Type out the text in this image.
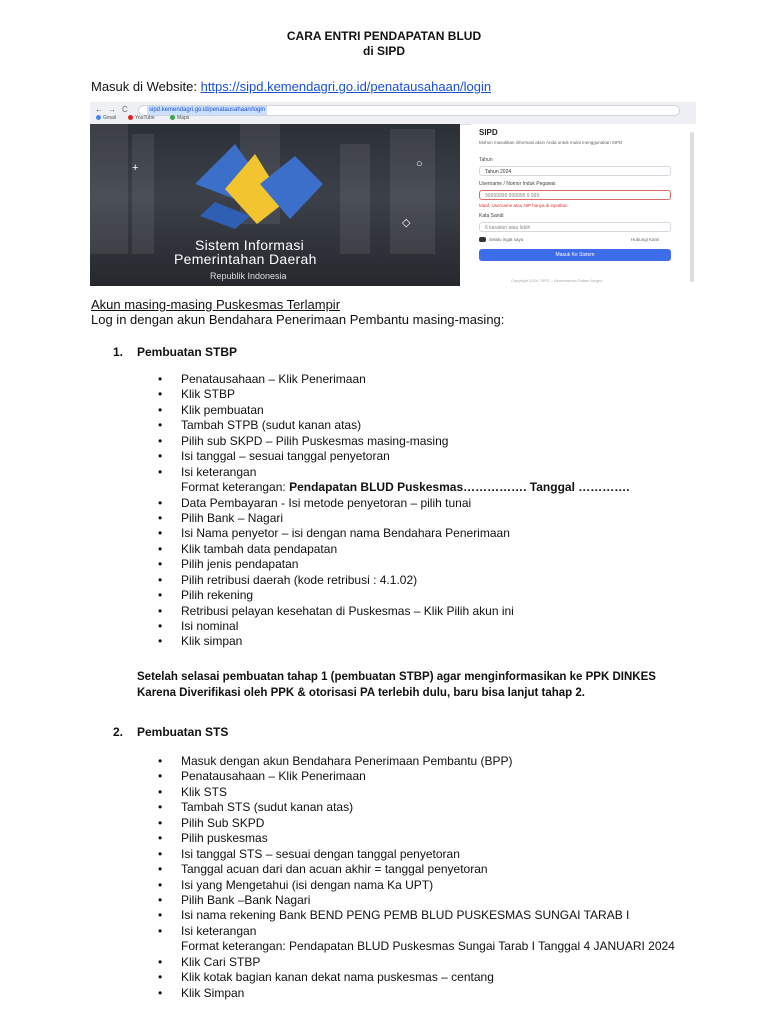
CARA ENTRI PENDAPATAN BLUD
di SIPD
Masuk di Website: https://sipd.kemendagri.go.id/penatausahaan/login
← → C	sipd.kemendagri.go.id/penatausahaan/login
Gmail	YouTube	Maps
Sistem Informasi
Pemerintahan Daerah
Republik Indonesia
+
◇
○
SIPD
Mohon masukkan informasi akun Anda untuk mulai menggunakan SIPD
Tahun
Tahun 2024
Username / Nomor Induk Pegawai
99999999 999999 9 999
Maaf, Username atau NIP hanya di inputkan
Kata Sandi
6 karakter atau lebih
Selalu ingat saya	Hubungi Kami
Masuk Ke Sistem
Copyright 2024, SIPD – Kementerian Dalam Negeri
Akun masing-masing Puskesmas Terlampir
Log in dengan akun Bendahara Penerimaan Pembantu masing-masing:
1. Pembuatan STBP
• Penatausahaan – Klik Penerimaan
• Klik STBP
• Klik pembuatan
• Tambah STPB (sudut kanan atas)
• Pilih sub SKPD – Pilih Puskesmas masing-masing
• Isi tanggal – sesuai tanggal penyetoran
• Isi keterangan
Format keterangan: Pendapatan BLUD Puskesmas……………. Tanggal ………….
• Data Pembayaran - Isi metode penyetoran – pilih tunai
• Pilih Bank – Nagari
• Isi Nama penyetor – isi dengan nama Bendahara Penerimaan
• Klik tambah data pendapatan
• Pilih jenis pendapatan
• Pilih retribusi daerah (kode retribusi : 4.1.02)
• Pilih rekening
• Retribusi pelayan kesehatan di Puskesmas – Klik Pilih akun ini
• Isi nominal
• Klik simpan
Setelah selasai pembuatan tahap 1 (pembuatan STBP) agar menginformasikan ke PPK DINKES
Karena Diverifikasi oleh PPK & otorisasi PA terlebih dulu, baru bisa lanjut tahap 2.
2. Pembuatan STS
• Masuk dengan akun Bendahara Penerimaan Pembantu (BPP)
• Penatausahaan – Klik Penerimaan
• Klik STS
• Tambah STS (sudut kanan atas)
• Pilih Sub SKPD
• Pilih puskesmas
• Isi tanggal STS – sesuai dengan tanggal penyetoran
• Tanggal acuan dari dan acuan akhir = tanggal penyetoran
• Isi yang Mengetahui (isi dengan nama Ka UPT)
• Pilih Bank –Bank Nagari
• Isi nama rekening Bank BEND PENG PEMB BLUD PUSKESMAS SUNGAI TARAB I
• Isi keterangan
Format keterangan: Pendapatan BLUD Puskesmas Sungai Tarab I Tanggal 4 JANUARI 2024
• Klik Cari STBP
• Klik kotak bagian kanan dekat nama puskesmas – centang
• Klik Simpan
